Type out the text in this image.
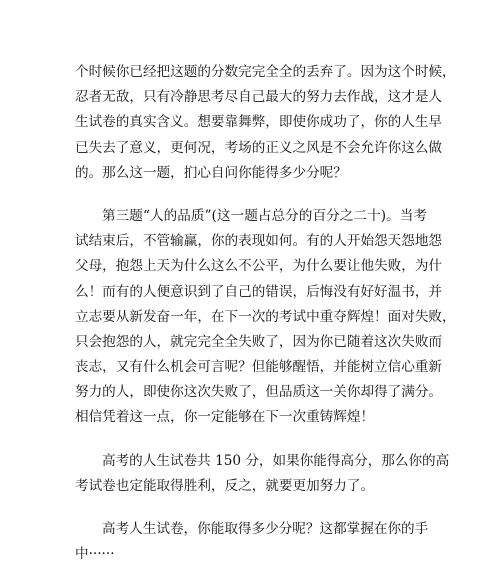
个时候你已经把这题的分数完完全全的丢弃了。因为这个时候，
忍者无敌，只有冷静思考尽自己最大的努力去作战，这才是人
生试卷的真实含义。想要靠舞弊，即使你成功了，你的人生早
已失去了意义，更何况，考场的正义之风是不会允许你这么做
的。那么这一题，扪心自问你能得多少分呢？
第三题“人的品质”(这一题占总分的百分之二十)。当考
试结束后，不管输赢，你的表现如何。有的人开始怨天怨地怨
父母，抱怨上天为什么这么不公平，为什么要让他失败，为什
么！而有的人便意识到了自己的错误，后悔没有好好温书，并
立志要从新发奋一年，在下一次的考试中重夺辉煌！面对失败，
只会抱怨的人，就完完全全失败了，因为你已随着这次失败而
丧志，又有什么机会可言呢？但能够醒悟，并能树立信心重新
努力的人，即使你这次失败了，但品质这一关你却得了满分。
相信凭着这一点，你一定能够在下一次重铸辉煌！
高考的人生试卷共 150 分，如果你能得高分，那么你的高
考试卷也定能取得胜利，反之，就要更加努力了。
高考人生试卷，你能取得多少分呢？这都掌握在你的手
中······
